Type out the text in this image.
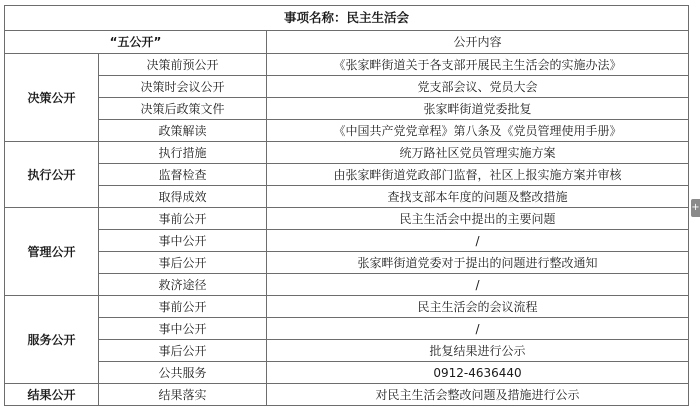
事项名称：民主生活会		
“五公开”		公开内容
决策公开	决策前预公开	《张家畔街道关于各支部开展民主生活会的实施办法》
	决策时会议公开	党支部会议、党员大会
	决策后政策文件	张家畔街道党委批复
	政策解读	《中国共产党党章程》第八条及《党员管理使用手册》
执行公开	执行措施	统万路社区党员管理实施方案
	监督检查	由张家畔街道党政部门监督，社区上报实施方案并审核
	取得成效	查找支部本年度的问题及整改措施
管理公开	事前公开	民主生活会中提出的主要问题
	事中公开	/
	事后公开	张家畔街道党委对于提出的问题进行整改通知
	救济途径	/
服务公开	事前公开	民主生活会的会议流程
	事中公开	/
	事后公开	批复结果进行公示
	公共服务	0912-4636440
结果公开	结果落实	对民主生活会整改问题及措施进行公示
+
